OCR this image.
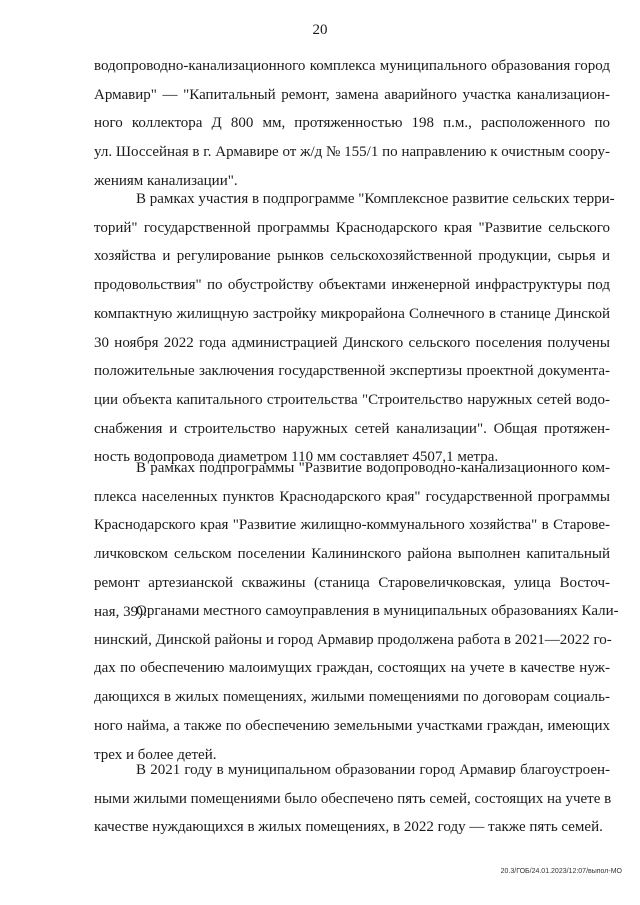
20
водопроводно-канализационного комплекса муниципального образования город
Армавир" — "Капитальный ремонт, замена аварийного участка канализацион-
ного коллектора Д 800 мм, протяженностью 198 п.м., расположенного по
ул. Шоссейная в г. Армавире от ж/д № 155/1 по направлению к очистным соору-
жениям канализации".
В рамках участия в подпрограмме "Комплексное развитие сельских терри-
торий" государственной программы Краснодарского края "Развитие сельского
хозяйства и регулирование рынков сельскохозяйственной продукции, сырья и
продовольствия" по обустройству объектами инженерной инфраструктуры под
компактную жилищную застройку микрорайона Солнечного в станице Динской
30 ноября 2022 года администрацией Динского сельского поселения получены
положительные заключения государственной экспертизы проектной документа-
ции объекта капитального строительства "Строительство наружных сетей водо-
снабжения и строительство наружных сетей канализации". Общая протяжен-
ность водопровода диаметром 110 мм составляет 4507,1 метра.
В рамках подпрограммы "Развитие водопроводно-канализационного ком-
плекса населенных пунктов Краснодарского края" государственной программы
Краснодарского края "Развитие жилищно-коммунального хозяйства" в Старове-
личковском сельском поселении Калининского района выполнен капитальный
ремонт артезианской скважины (станица Старовеличковская, улица Восточ-
ная, 39).
Органами местного самоуправления в муниципальных образованиях Кали-
нинский, Динской районы и город Армавир продолжена работа в 2021—2022 го-
дах по обеспечению малоимущих граждан, состоящих на учете в качестве нуж-
дающихся в жилых помещениях, жилыми помещениями по договорам социаль-
ного найма, а также по обеспечению земельными участками граждан, имеющих
трех и более детей.
В 2021 году в муниципальном образовании город Армавир благоустроен-
ными жилыми помещениями было обеспечено пять семей, состоящих на учете в
качестве нуждающихся в жилых помещениях, в 2022 году — также пять семей.
20.3/ГОБ/24.01.2023/12:07/выпол-МО
